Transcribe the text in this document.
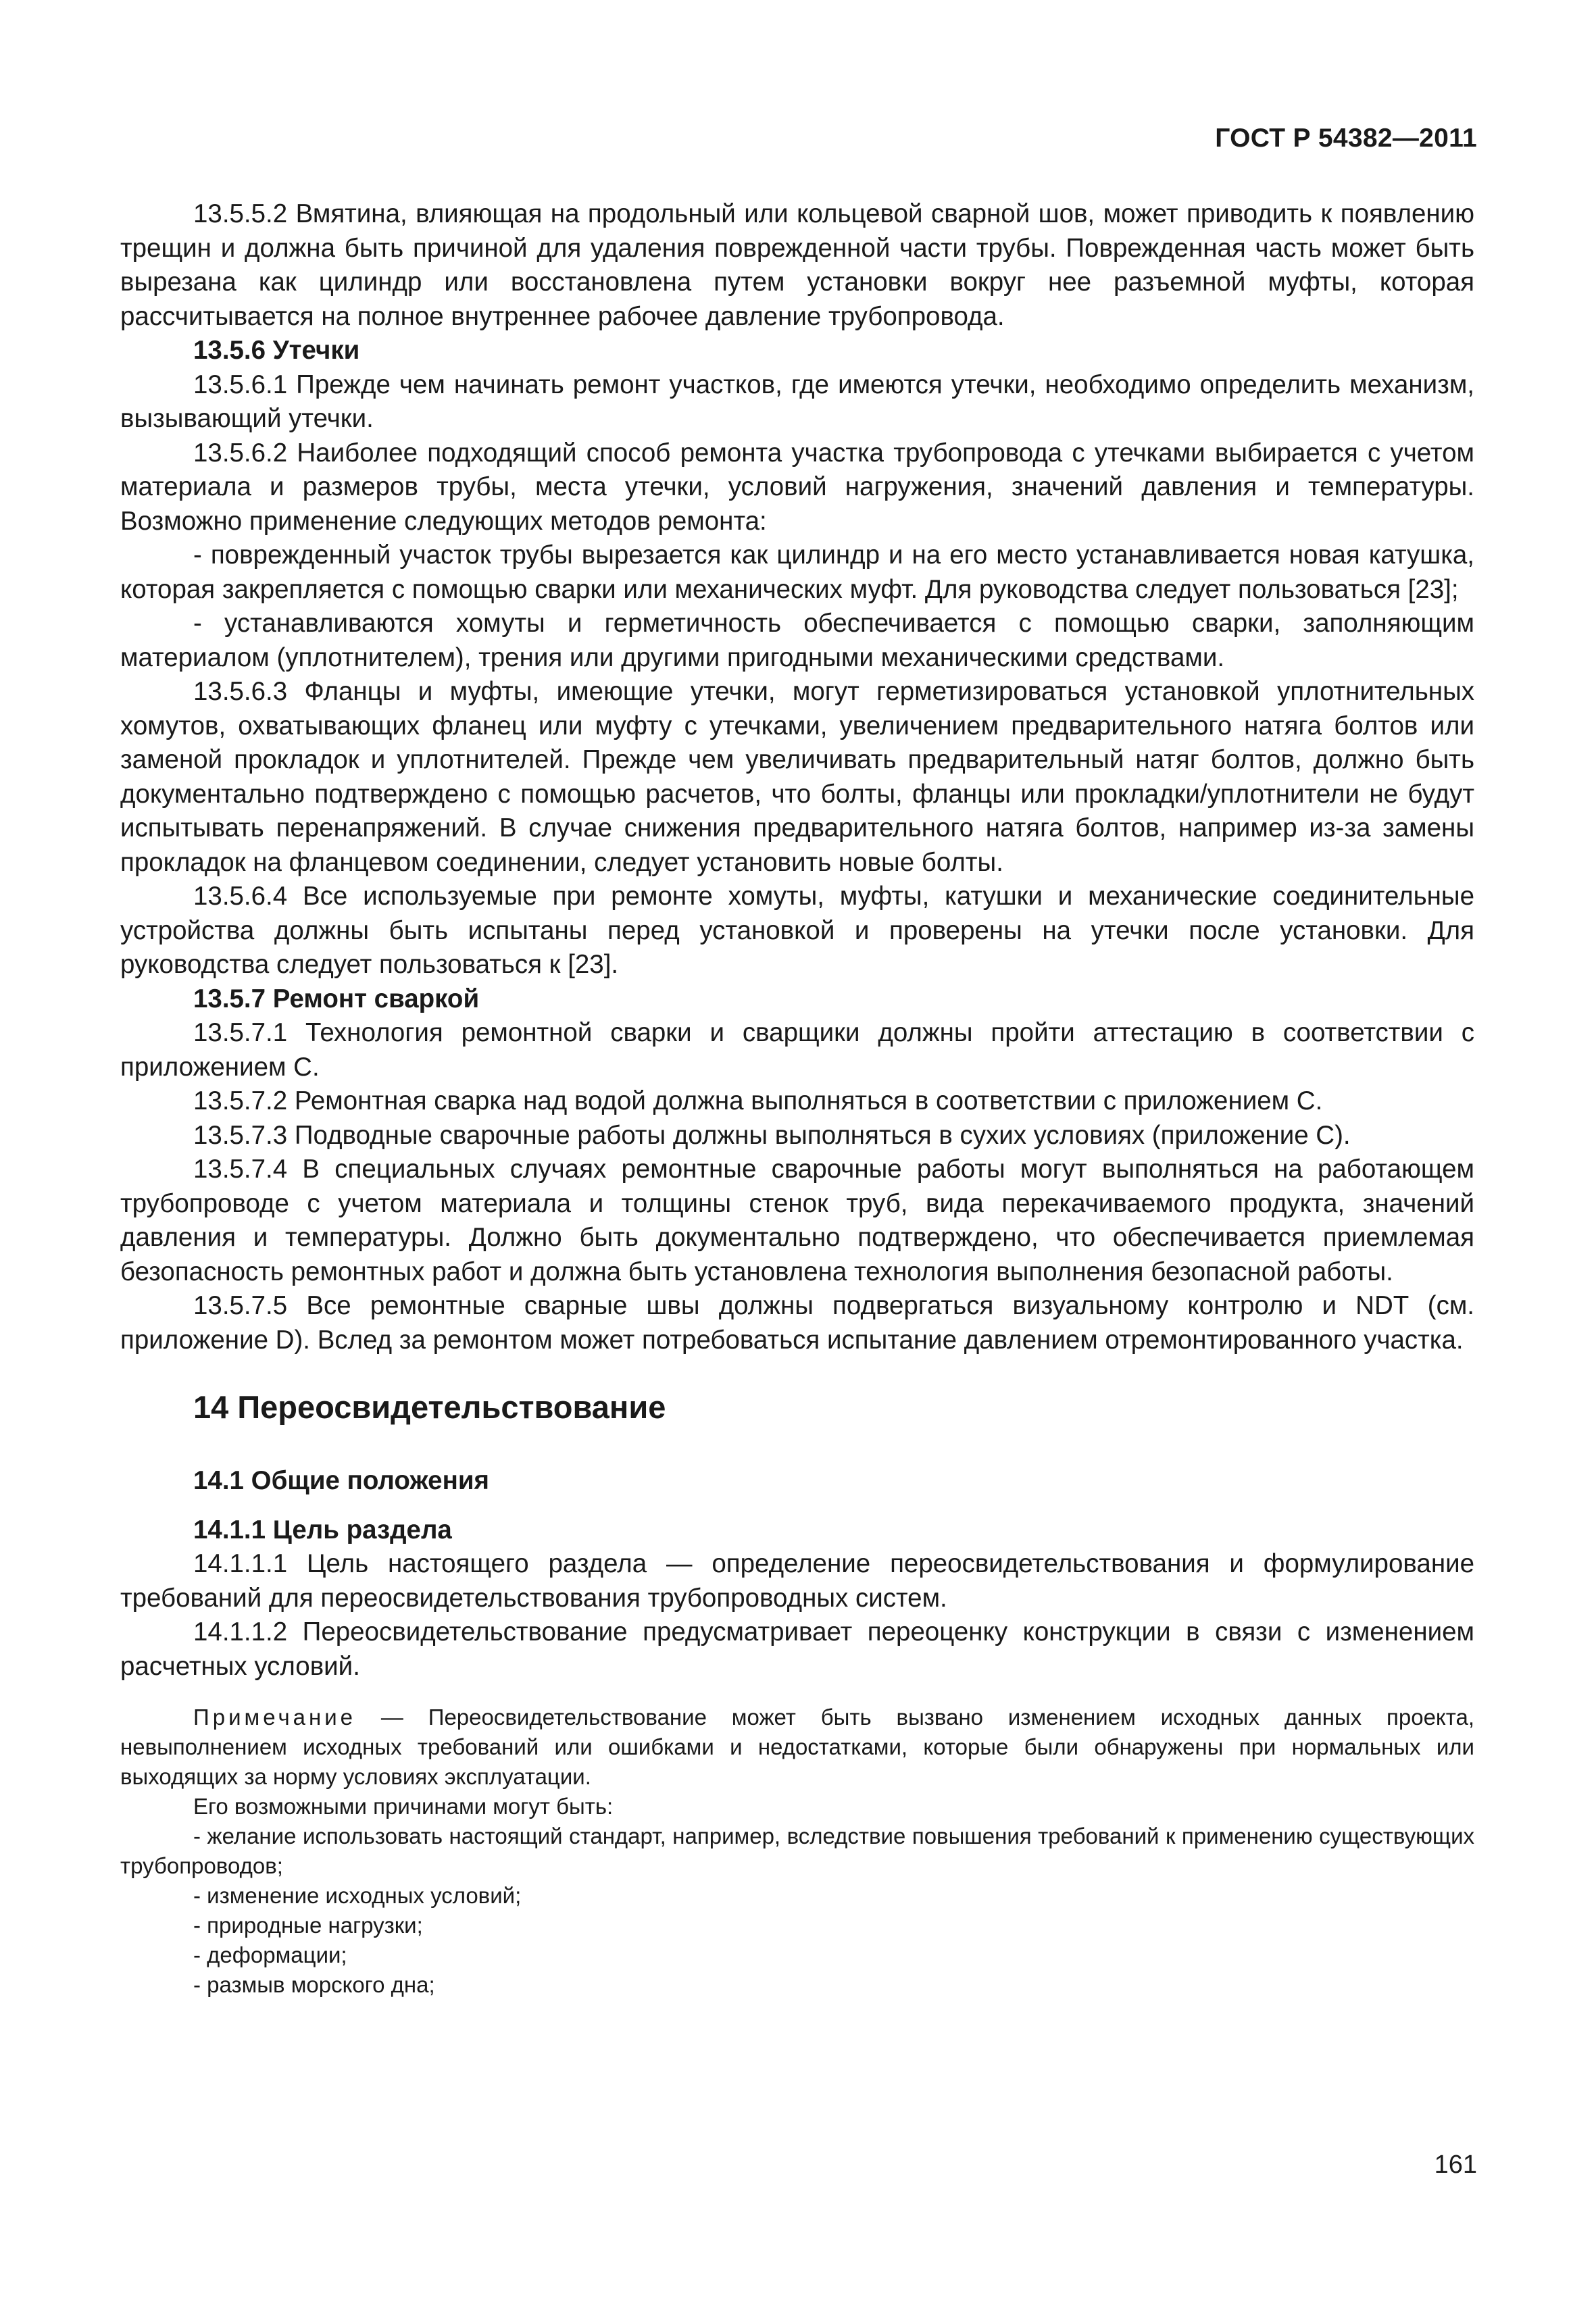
ГОСТ Р 54382—2011

13.5.5.2 Вмятина, влияющая на продольный или кольцевой сварной шов, может приводить к появлению трещин и должна быть причиной для удаления поврежденной части трубы. Поврежденная часть может быть вырезана как цилиндр или восстановлена путем установки вокруг нее разъемной муфты, которая рассчитывается на полное внутреннее рабочее давление трубопровода.

13.5.6 Утечки

13.5.6.1 Прежде чем начинать ремонт участков, где имеются утечки, необходимо определить механизм, вызывающий утечки.

13.5.6.2 Наиболее подходящий способ ремонта участка трубопровода с утечками выбирается с учетом материала и размеров трубы, места утечки, условий нагружения, значений давления и температуры. Возможно применение следующих методов ремонта:

- поврежденный участок трубы вырезается как цилиндр и на его место устанавливается новая катушка, которая закрепляется с помощью сварки или механических муфт. Для руководства следует пользоваться [23];

- устанавливаются хомуты и герметичность обеспечивается с помощью сварки, заполняющим материалом (уплотнителем), трения или другими пригодными механическими средствами.

13.5.6.3 Фланцы и муфты, имеющие утечки, могут герметизироваться установкой уплотнительных хомутов, охватывающих фланец или муфту с утечками, увеличением предварительного натяга болтов или заменой прокладок и уплотнителей. Прежде чем увеличивать предварительный натяг болтов, должно быть документально подтверждено с помощью расчетов, что болты, фланцы или прокладки/уплотнители не будут испытывать перенапряжений. В случае снижения предварительного натяга болтов, например из-за замены прокладок на фланцевом соединении, следует установить новые болты.

13.5.6.4 Все используемые при ремонте хомуты, муфты, катушки и механические соединительные устройства должны быть испытаны перед установкой и проверены на утечки после установки. Для руководства следует пользоваться к [23].

13.5.7 Ремонт сваркой

13.5.7.1 Технология ремонтной сварки и сварщики должны пройти аттестацию в соответствии с приложением С.

13.5.7.2 Ремонтная сварка над водой должна выполняться в соответствии с приложением С.

13.5.7.3 Подводные сварочные работы должны выполняться в сухих условиях (приложение С).

13.5.7.4 В специальных случаях ремонтные сварочные работы могут выполняться на работающем трубопроводе с учетом материала и толщины стенок труб, вида перекачиваемого продукта, значений давления и температуры. Должно быть документально подтверждено, что обеспечивается приемлемая безопасность ремонтных работ и должна быть установлена технология выполнения безопасной работы.

13.5.7.5 Все ремонтные сварные швы должны подвергаться визуальному контролю и NDT (см. приложение D). Вслед за ремонтом может потребоваться испытание давлением отремонтированного участка.

14 Переосвидетельствование

14.1 Общие положения

14.1.1 Цель раздела

14.1.1.1 Цель настоящего раздела — определение переосвидетельствования и формулирование требований для переосвидетельствования трубопроводных систем.

14.1.1.2 Переосвидетельствование предусматривает переоценку конструкции в связи с изменением расчетных условий.

Примечание — Переосвидетельствование может быть вызвано изменением исходных данных проекта, невыполнением исходных требований или ошибками и недостатками, которые были обнаружены при нормальных или выходящих за норму условиях эксплуатации.

Его возможными причинами могут быть:

- желание использовать настоящий стандарт, например, вследствие повышения требований к применению существующих трубопроводов;

- изменение исходных условий;

- природные нагрузки;

- деформации;

- размыв морского дна;

161
